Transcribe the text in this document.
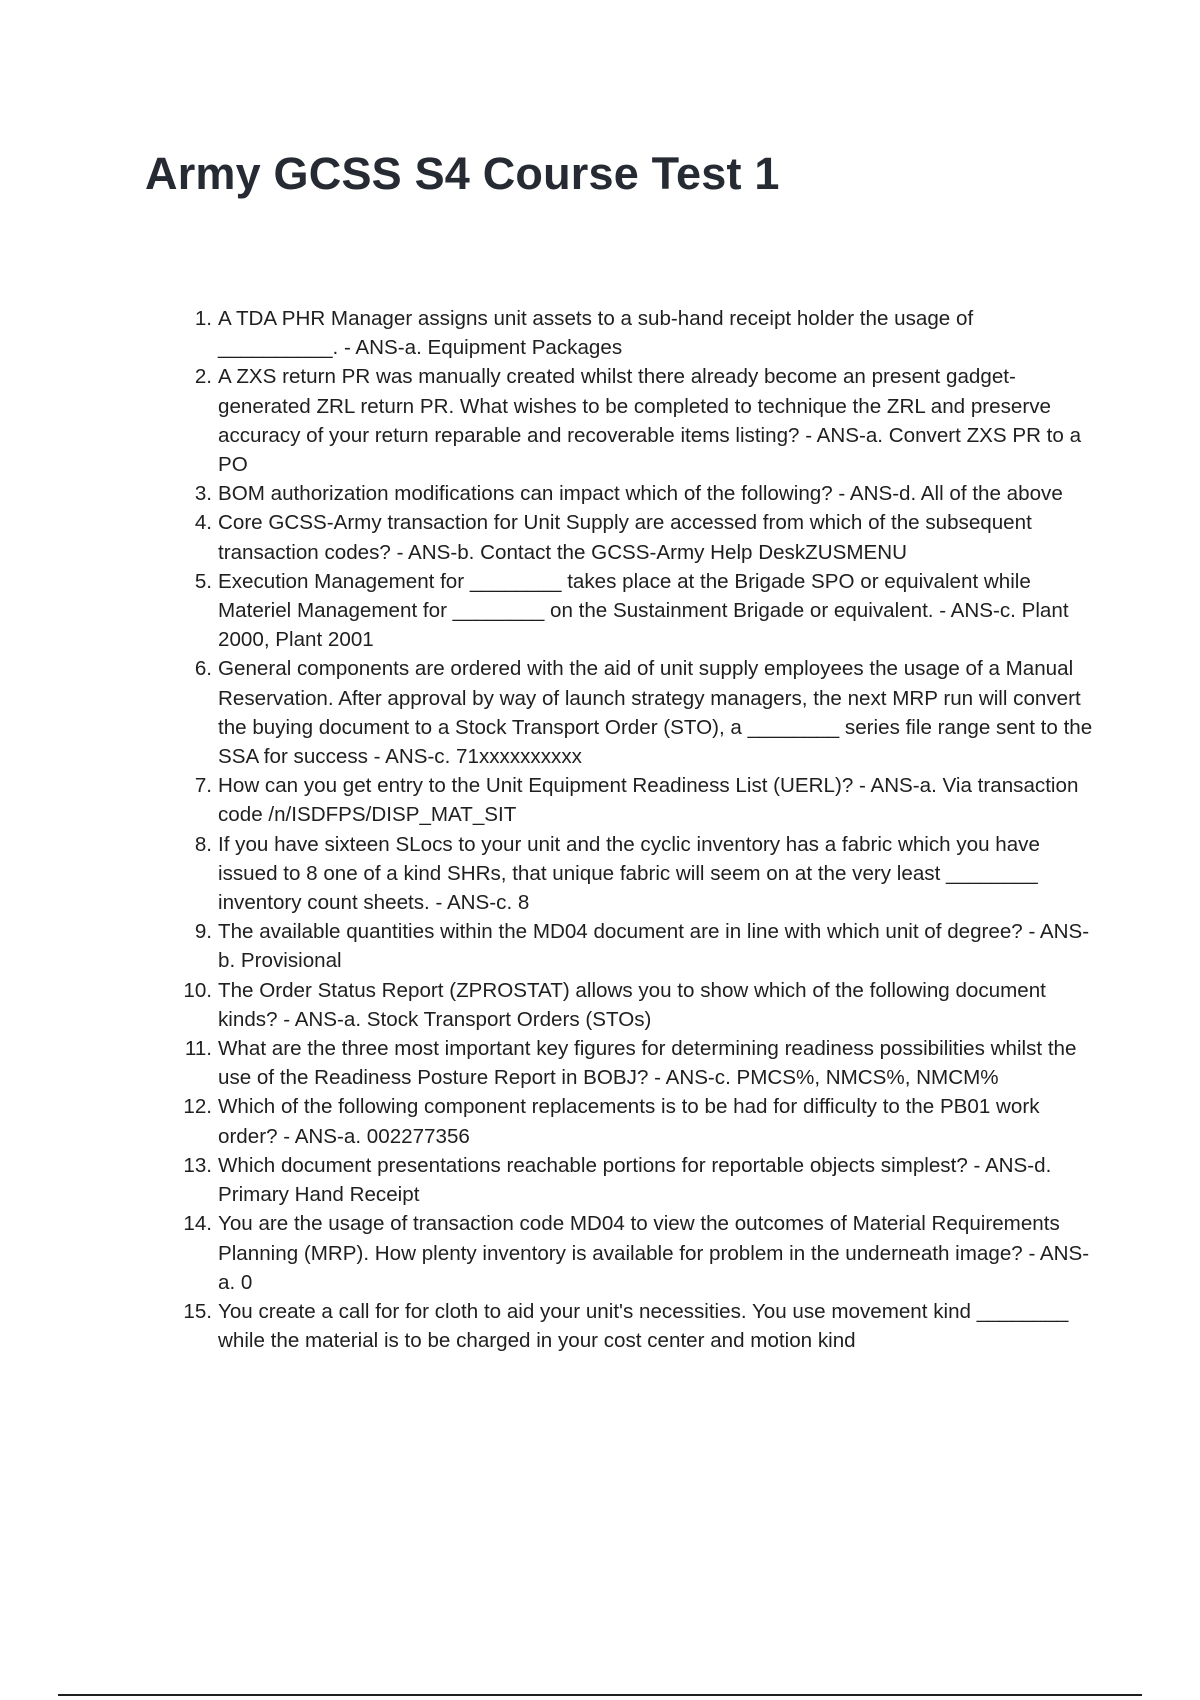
Army GCSS S4 Course Test 1
1. A TDA PHR Manager assigns unit assets to a sub-hand receipt holder the usage of __________. - ANS-a. Equipment Packages
2. A ZXS return PR was manually created whilst there already become an present gadget-generated ZRL return PR. What wishes to be completed to technique the ZRL and preserve accuracy of your return reparable and recoverable items listing? - ANS-a. Convert ZXS PR to a PO
3. BOM authorization modifications can impact which of the following? - ANS-d. All of the above
4. Core GCSS-Army transaction for Unit Supply are accessed from which of the subsequent transaction codes? - ANS-b. Contact the GCSS-Army Help DeskZUSMENU
5. Execution Management for ________ takes place at the Brigade SPO or equivalent while Materiel Management for ________ on the Sustainment Brigade or equivalent. - ANS-c. Plant 2000, Plant 2001
6. General components are ordered with the aid of unit supply employees the usage of a Manual Reservation. After approval by way of launch strategy managers, the next MRP run will convert the buying document to a Stock Transport Order (STO), a ________ series file range sent to the SSA for success - ANS-c. 71xxxxxxxxxx
7. How can you get entry to the Unit Equipment Readiness List (UERL)? - ANS-a. Via transaction code /n/ISDFPS/DISP_MAT_SIT
8. If you have sixteen SLocs to your unit and the cyclic inventory has a fabric which you have issued to 8 one of a kind SHRs, that unique fabric will seem on at the very least ________ inventory count sheets. - ANS-c. 8
9. The available quantities within the MD04 document are in line with which unit of degree? - ANS-b. Provisional
10. The Order Status Report (ZPROSTAT) allows you to show which of the following document kinds? - ANS-a. Stock Transport Orders (STOs)
11. What are the three most important key figures for determining readiness possibilities whilst the use of the Readiness Posture Report in BOBJ? - ANS-c. PMCS%, NMCS%, NMCM%
12. Which of the following component replacements is to be had for difficulty to the PB01 work order? - ANS-a. 002277356
13. Which document presentations reachable portions for reportable objects simplest? - ANS-d. Primary Hand Receipt
14. You are the usage of transaction code MD04 to view the outcomes of Material Requirements Planning (MRP). How plenty inventory is available for problem in the underneath image? - ANS-a. 0
15. You create a call for for cloth to aid your unit's necessities. You use movement kind ________ while the material is to be charged in your cost center and motion kind
